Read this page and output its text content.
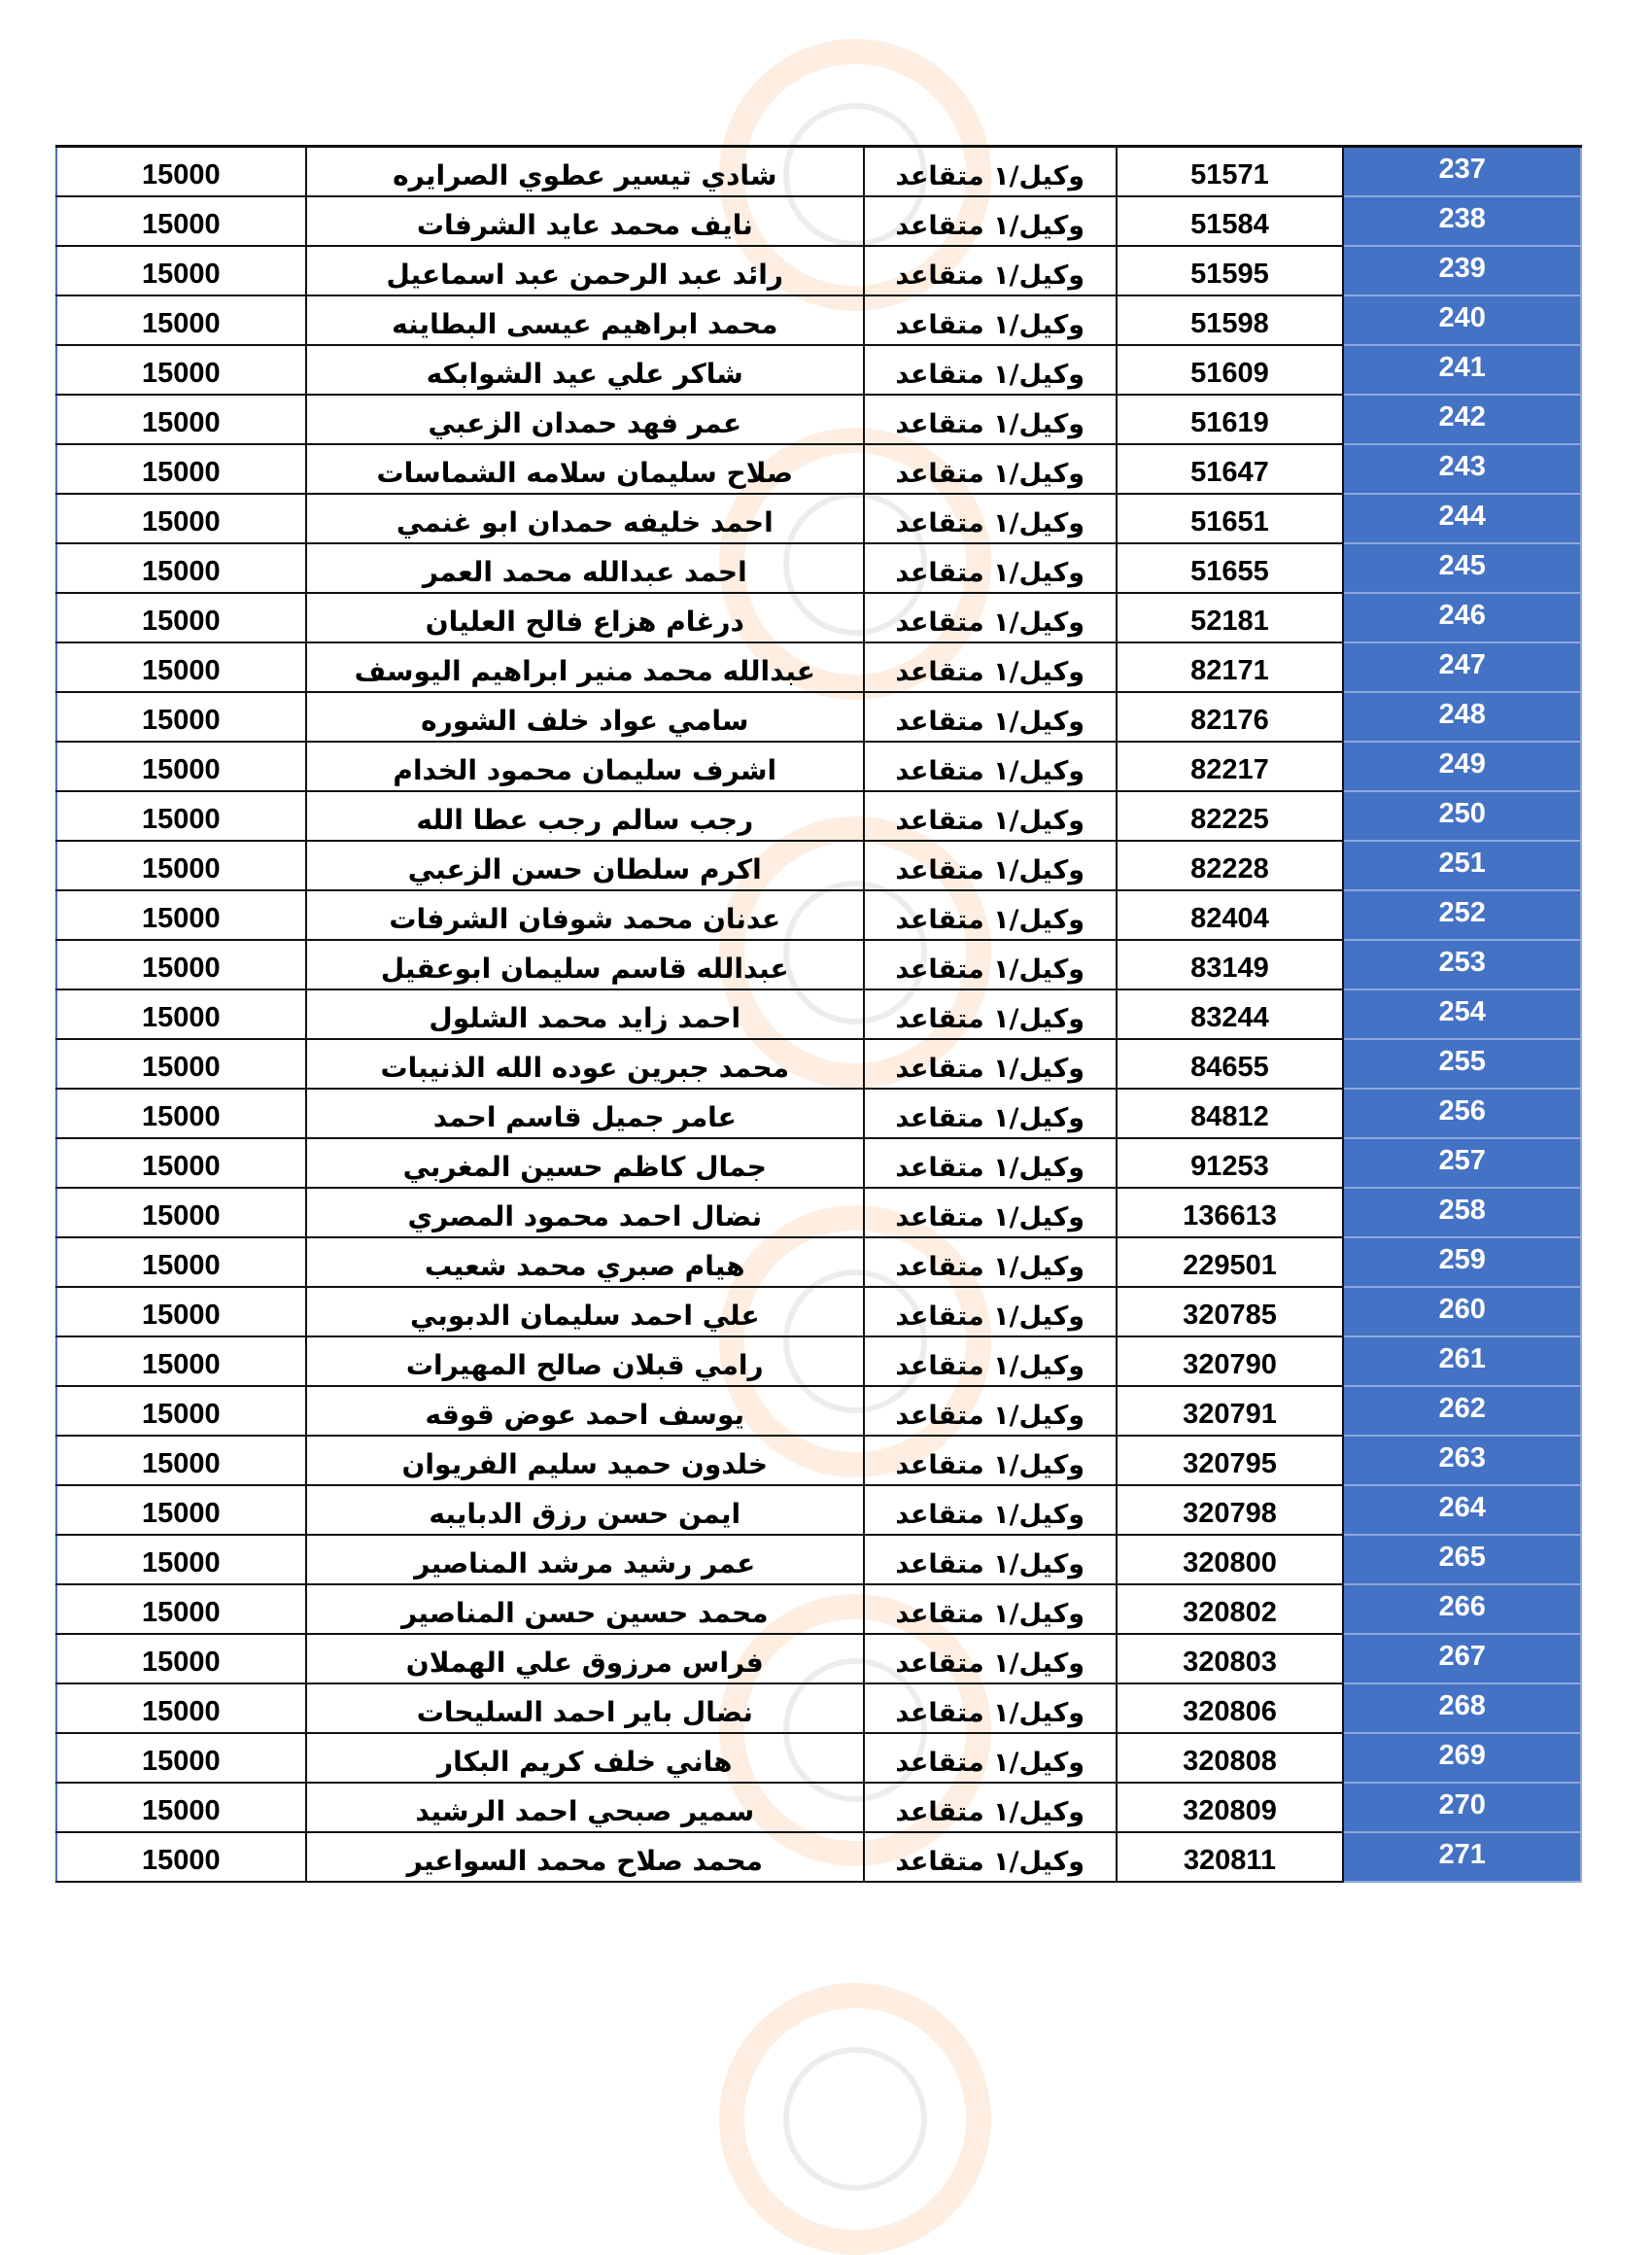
15000	شادي تيسير عطوي الصرايره	وكيل/١ متقاعد	51571	237
15000	نايف محمد عايد الشرفات	وكيل/١ متقاعد	51584	238
15000	رائد عبد الرحمن عبد اسماعيل	وكيل/١ متقاعد	51595	239
15000	محمد ابراهيم عيسى البطاينه	وكيل/١ متقاعد	51598	240
15000	شاكر علي عيد الشوابكه	وكيل/١ متقاعد	51609	241
15000	عمر فهد حمدان الزعبي	وكيل/١ متقاعد	51619	242
15000	صلاح سليمان سلامه الشماسات	وكيل/١ متقاعد	51647	243
15000	احمد خليفه حمدان ابو غنمي	وكيل/١ متقاعد	51651	244
15000	احمد عبدالله محمد العمر	وكيل/١ متقاعد	51655	245
15000	درغام هزاع فالح العليان	وكيل/١ متقاعد	52181	246
15000	عبدالله محمد منير ابراهيم اليوسف	وكيل/١ متقاعد	82171	247
15000	سامي عواد خلف الشوره	وكيل/١ متقاعد	82176	248
15000	اشرف سليمان محمود الخدام	وكيل/١ متقاعد	82217	249
15000	رجب سالم رجب عطا الله	وكيل/١ متقاعد	82225	250
15000	اكرم سلطان حسن الزعبي	وكيل/١ متقاعد	82228	251
15000	عدنان محمد شوفان الشرفات	وكيل/١ متقاعد	82404	252
15000	عبدالله قاسم سليمان ابوعقيل	وكيل/١ متقاعد	83149	253
15000	احمد زايد محمد الشلول	وكيل/١ متقاعد	83244	254
15000	محمد جبرين عوده الله الذنيبات	وكيل/١ متقاعد	84655	255
15000	عامر جميل قاسم احمد	وكيل/١ متقاعد	84812	256
15000	جمال كاظم حسين المغربي	وكيل/١ متقاعد	91253	257
15000	نضال احمد محمود المصري	وكيل/١ متقاعد	136613	258
15000	هيام صبري محمد شعيب	وكيل/١ متقاعد	229501	259
15000	علي احمد سليمان الدبوبي	وكيل/١ متقاعد	320785	260
15000	رامي قبلان صالح المهيرات	وكيل/١ متقاعد	320790	261
15000	يوسف احمد عوض قوقه	وكيل/١ متقاعد	320791	262
15000	خلدون حميد سليم الفريوان	وكيل/١ متقاعد	320795	263
15000	ايمن حسن رزق الدبايبه	وكيل/١ متقاعد	320798	264
15000	عمر رشيد مرشد المناصير	وكيل/١ متقاعد	320800	265
15000	محمد حسين حسن المناصير	وكيل/١ متقاعد	320802	266
15000	فراس مرزوق علي الهملان	وكيل/١ متقاعد	320803	267
15000	نضال باير احمد السليحات	وكيل/١ متقاعد	320806	268
15000	هاني خلف كريم البكار	وكيل/١ متقاعد	320808	269
15000	سمير صبحي احمد الرشيد	وكيل/١ متقاعد	320809	270
15000	محمد صلاح محمد السواعير	وكيل/١ متقاعد	320811	271
